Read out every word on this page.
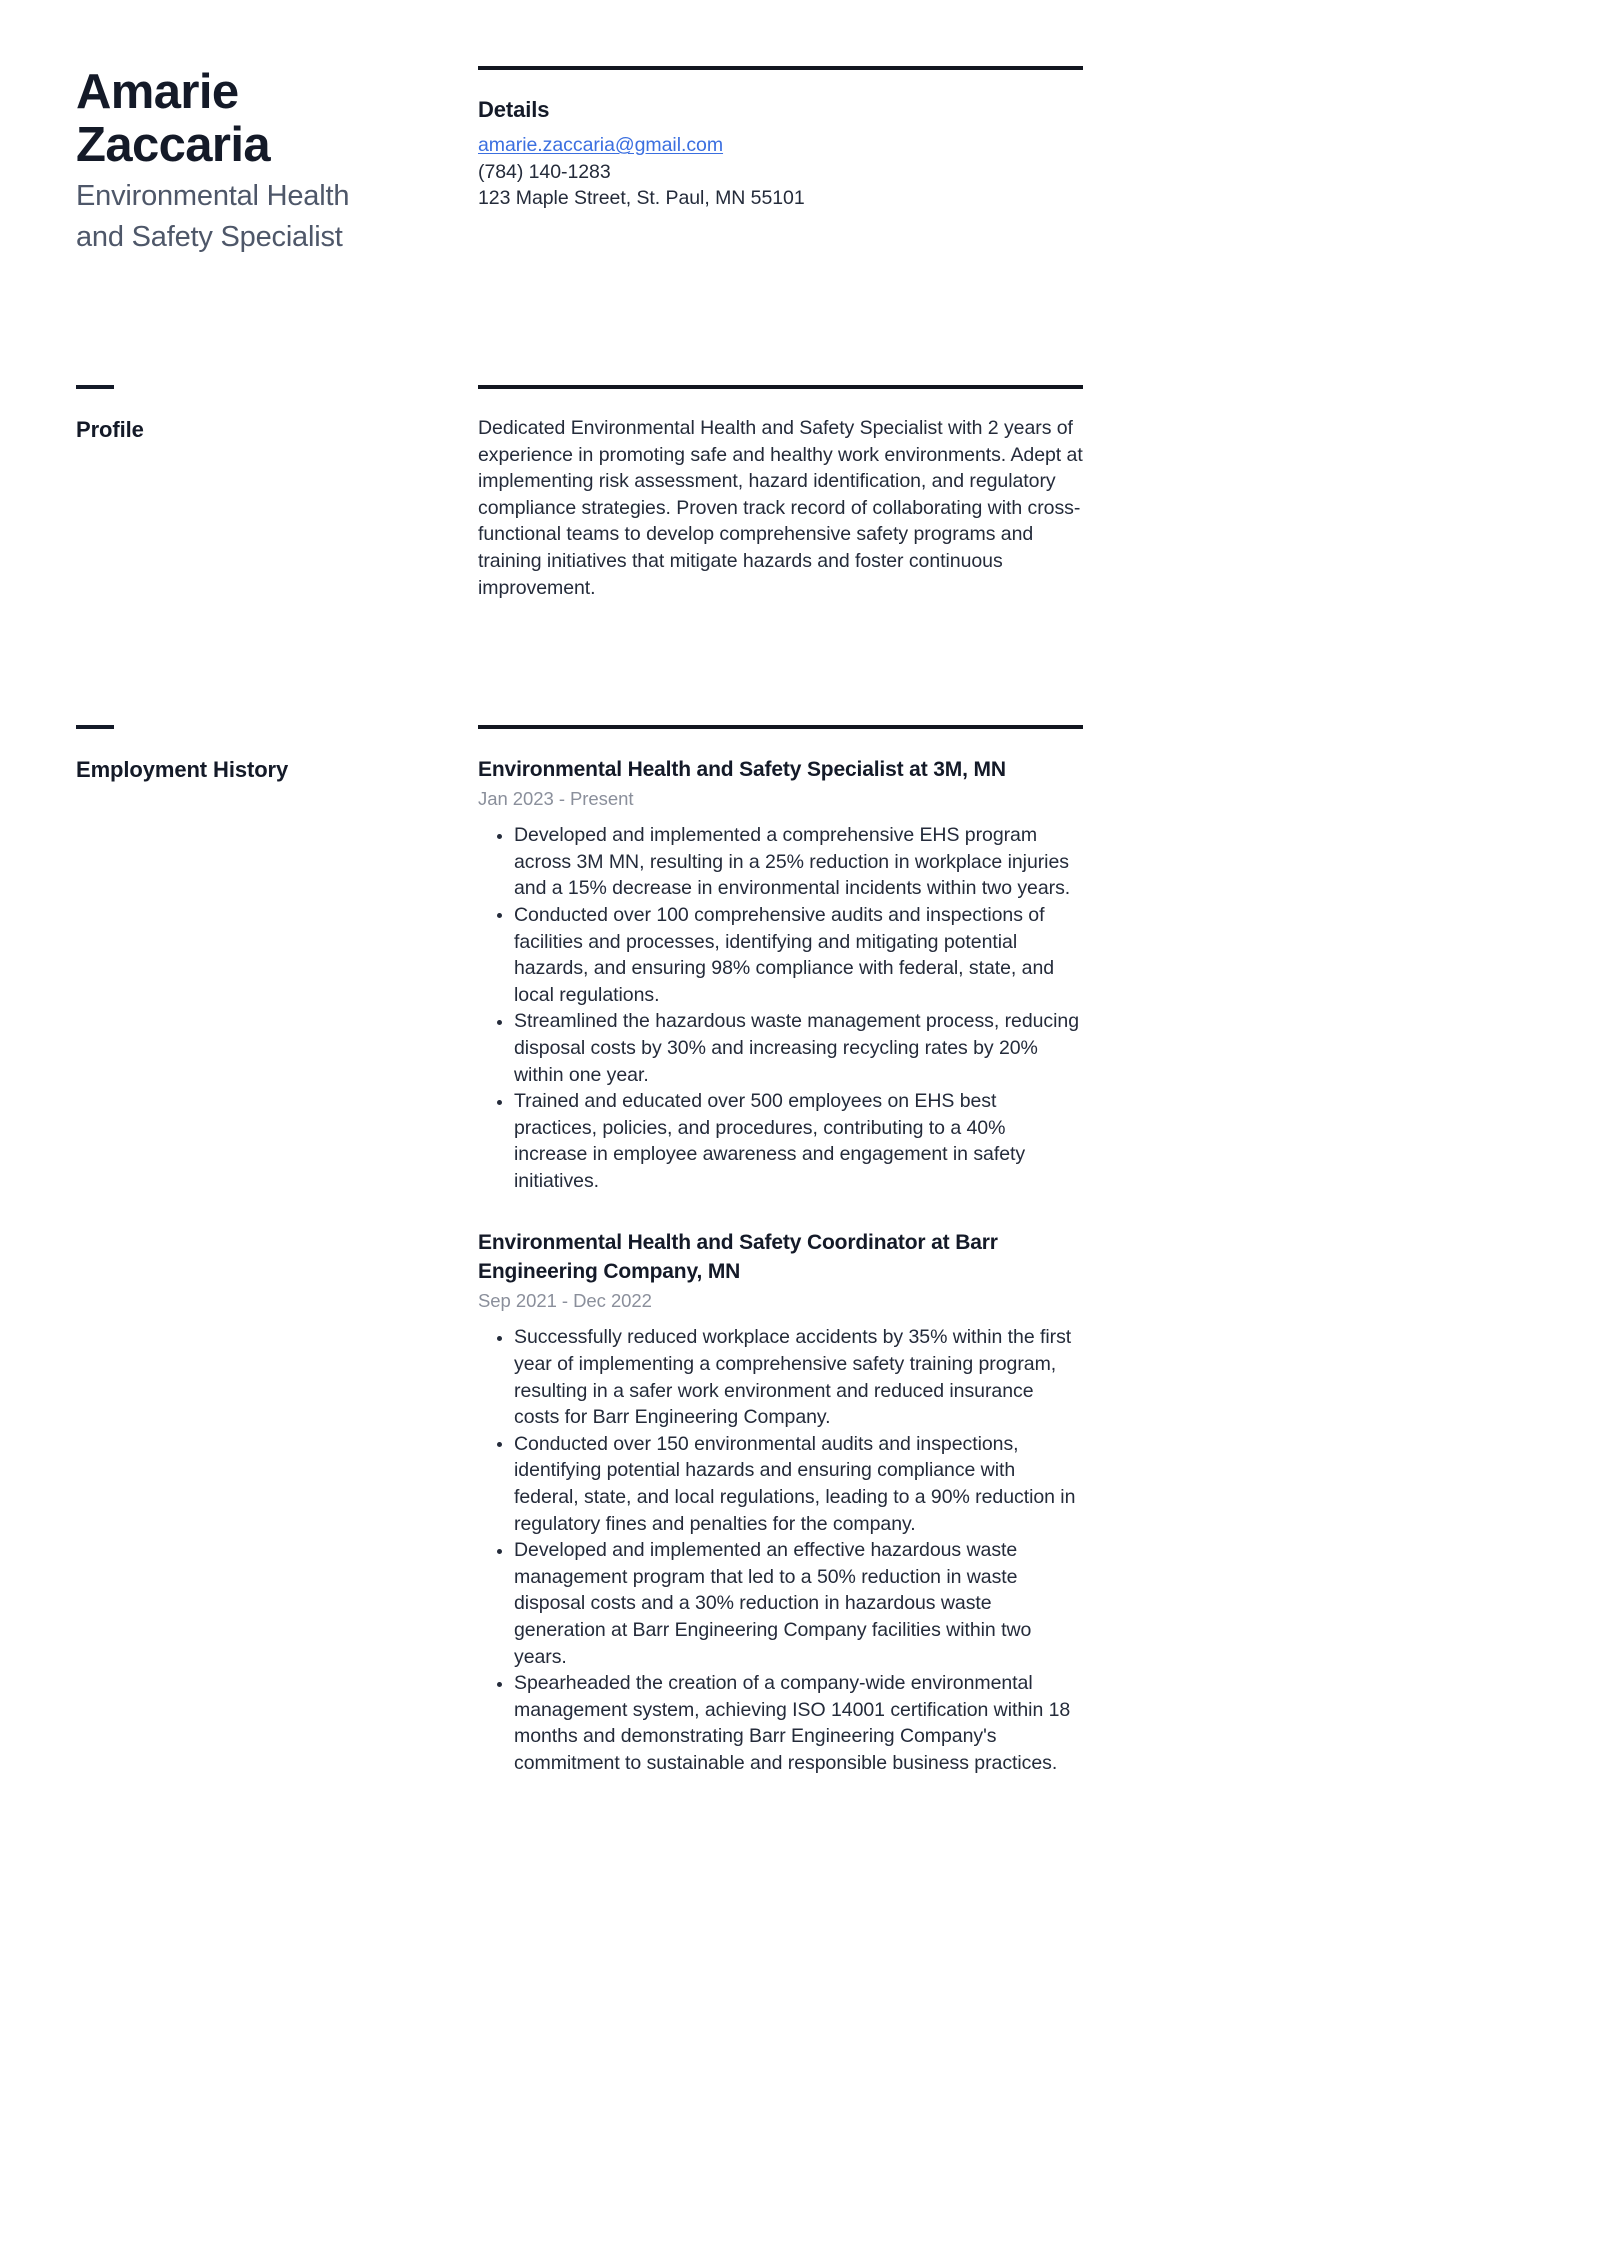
Amarie Zaccaria

Environmental Health and Safety Specialist

Details
amarie.zaccaria@gmail.com
(784) 140-1283
123 Maple Street, St. Paul, MN 55101
Profile	Dedicated Environmental Health and Safety Specialist with 2 years of experience in promoting safe and healthy work environments. Adept at implementing risk assessment, hazard identification, and regulatory compliance strategies. Proven track record of collaborating with cross-functional teams to develop comprehensive safety programs and training initiatives that mitigate hazards and foster continuous improvement.

Employment History	Environmental Health and Safety Specialist at 3M, MN

Jan 2023 - Present

Developed and implemented a comprehensive EHS program across 3M MN, resulting in a 25% reduction in workplace injuries and a 15% decrease in environmental incidents within two years.
Conducted over 100 comprehensive audits and inspections of facilities and processes, identifying and mitigating potential hazards, and ensuring 98% compliance with federal, state, and local regulations.
Streamlined the hazardous waste management process, reducing disposal costs by 30% and increasing recycling rates by 20% within one year.
Trained and educated over 500 employees on EHS best practices, policies, and procedures, contributing to a 40% increase in employee awareness and engagement in safety initiatives.
Environmental Health and Safety Coordinator at Barr Engineering Company, MN

Sep 2021 - Dec 2022

Successfully reduced workplace accidents by 35% within the first year of implementing a comprehensive safety training program, resulting in a safer work environment and reduced insurance costs for Barr Engineering Company.
Conducted over 150 environmental audits and inspections, identifying potential hazards and ensuring compliance with federal, state, and local regulations, leading to a 90% reduction in regulatory fines and penalties for the company.
Developed and implemented an effective hazardous waste management program that led to a 50% reduction in waste disposal costs and a 30% reduction in hazardous waste generation at Barr Engineering Company facilities within two years.
Spearheaded the creation of a company-wide environmental management system, achieving ISO 14001 certification within 18 months and demonstrating Barr Engineering Company's commitment to sustainable and responsible business practices.
